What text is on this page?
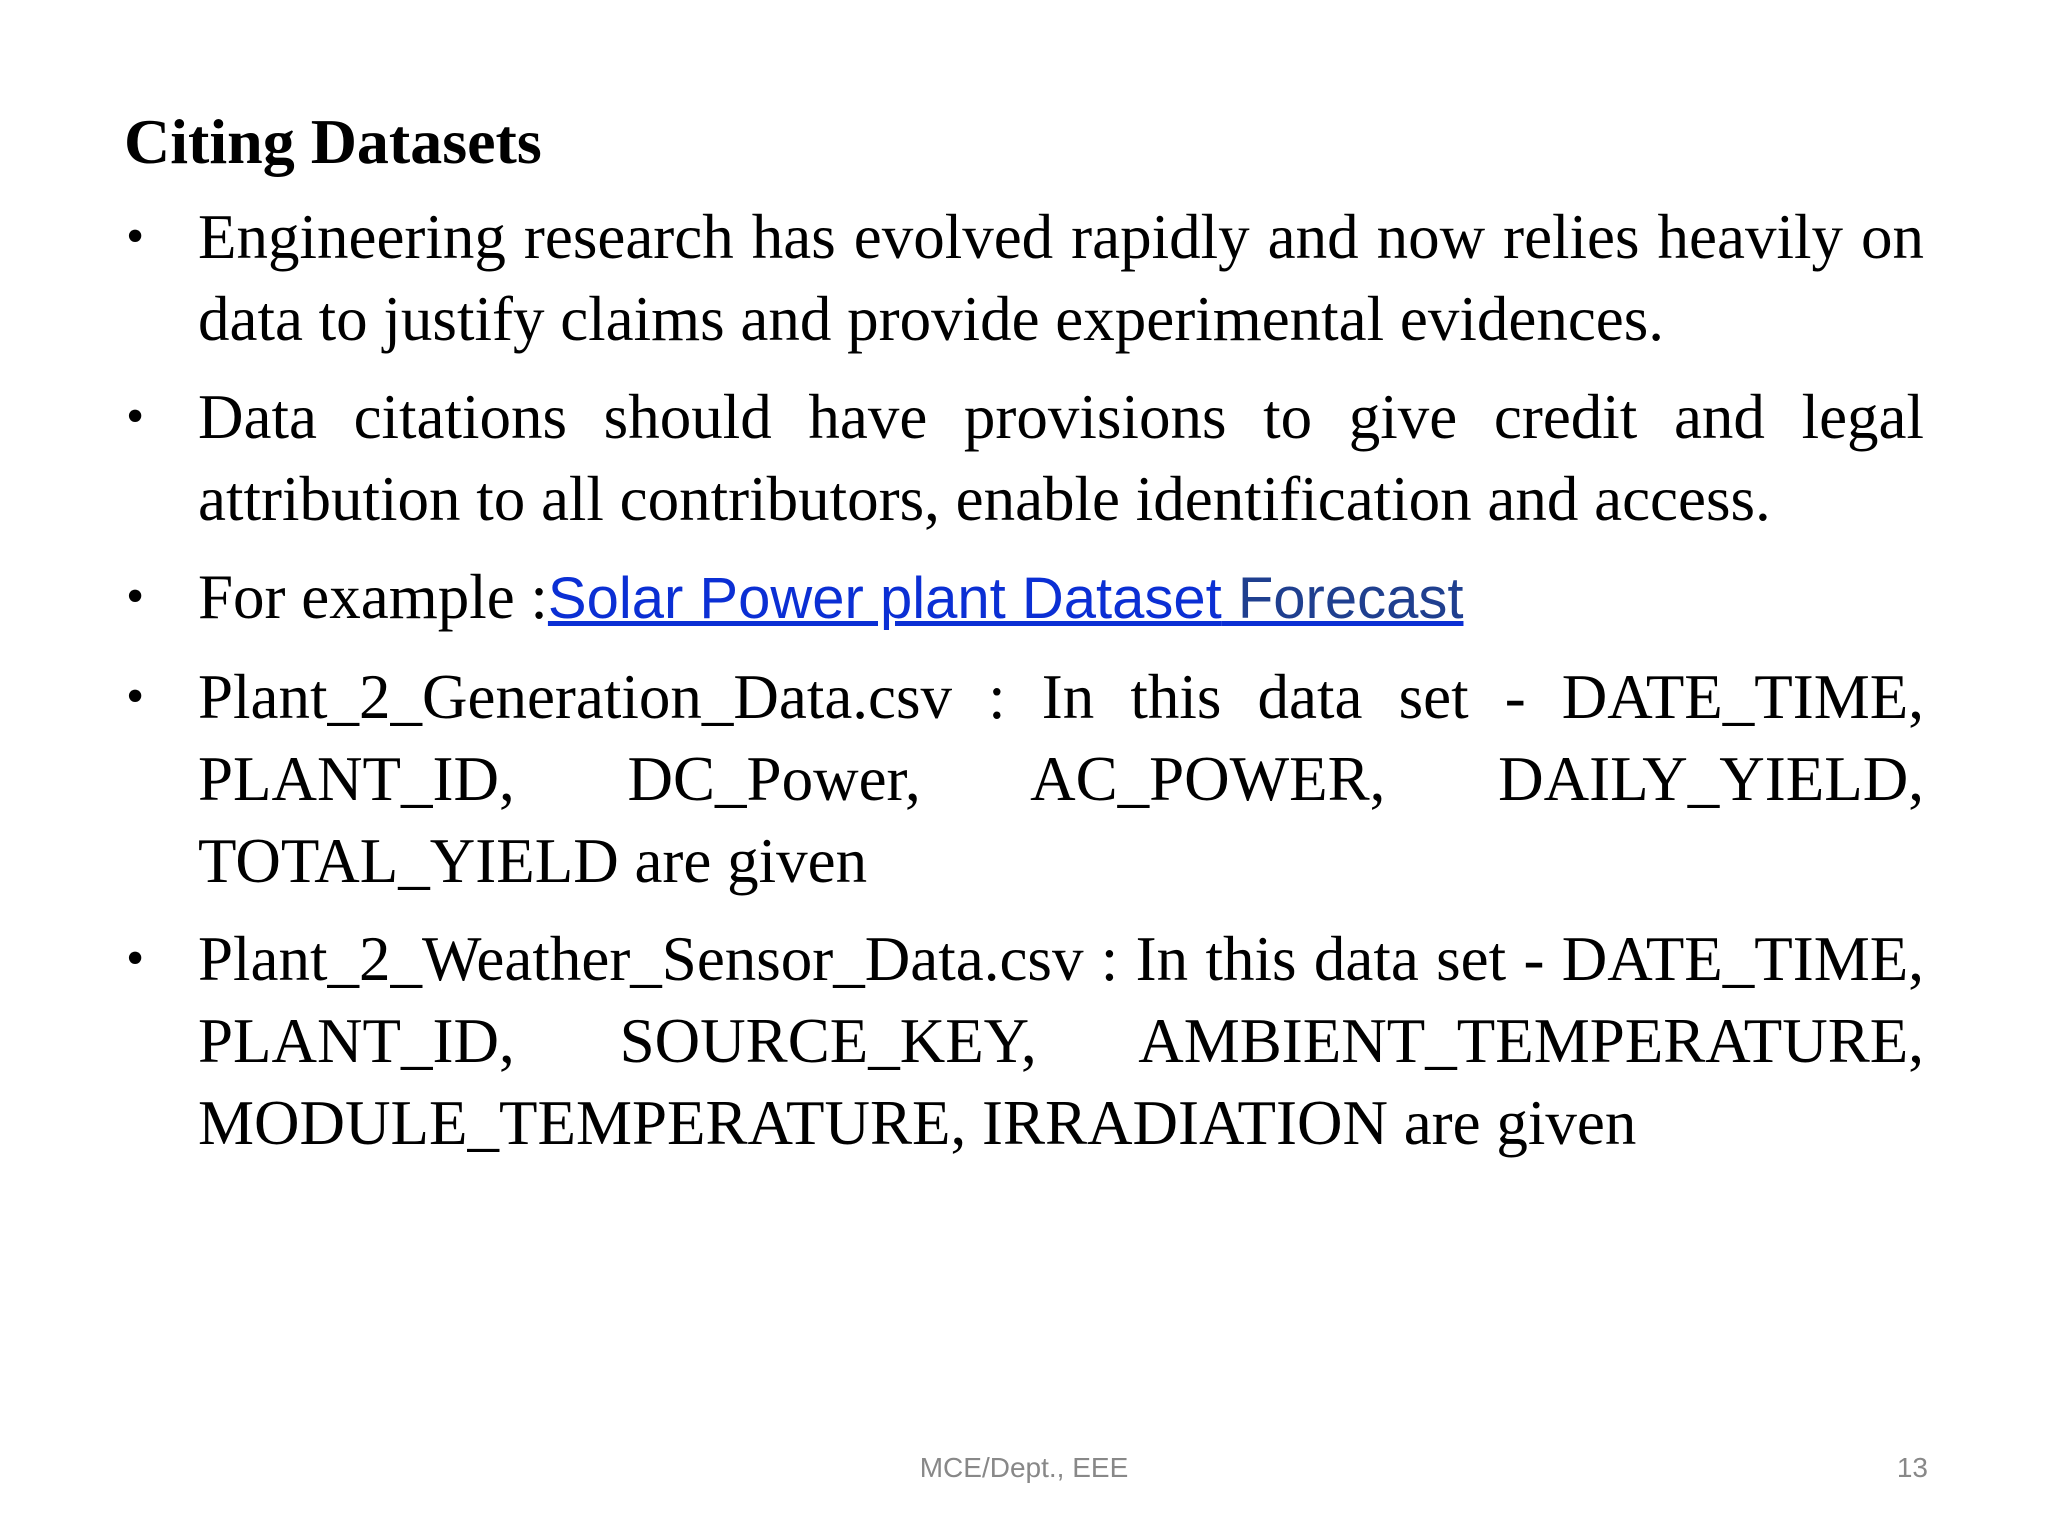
Citing Datasets
• Engineering research has evolved rapidly and now relies heavily on data to justify claims and provide experimental evidences.
• Data citations should have provisions to give credit and legal attribution to all contributors, enable identification and access.
• For example :Solar Power plant Dataset Forecast
• Plant_2_Generation_Data.csv : In this data set - DATE_TIME, PLANT_ID, DC_Power, AC_POWER, DAILY_YIELD, TOTAL_YIELD are given
• Plant_2_Weather_Sensor_Data.csv : In this data set - DATE_TIME, PLANT_ID, SOURCE_KEY, AMBIENT_TEMPERATURE, MODULE_TEMPERATURE, IRRADIATION are given
MCE/Dept., EEE	13
